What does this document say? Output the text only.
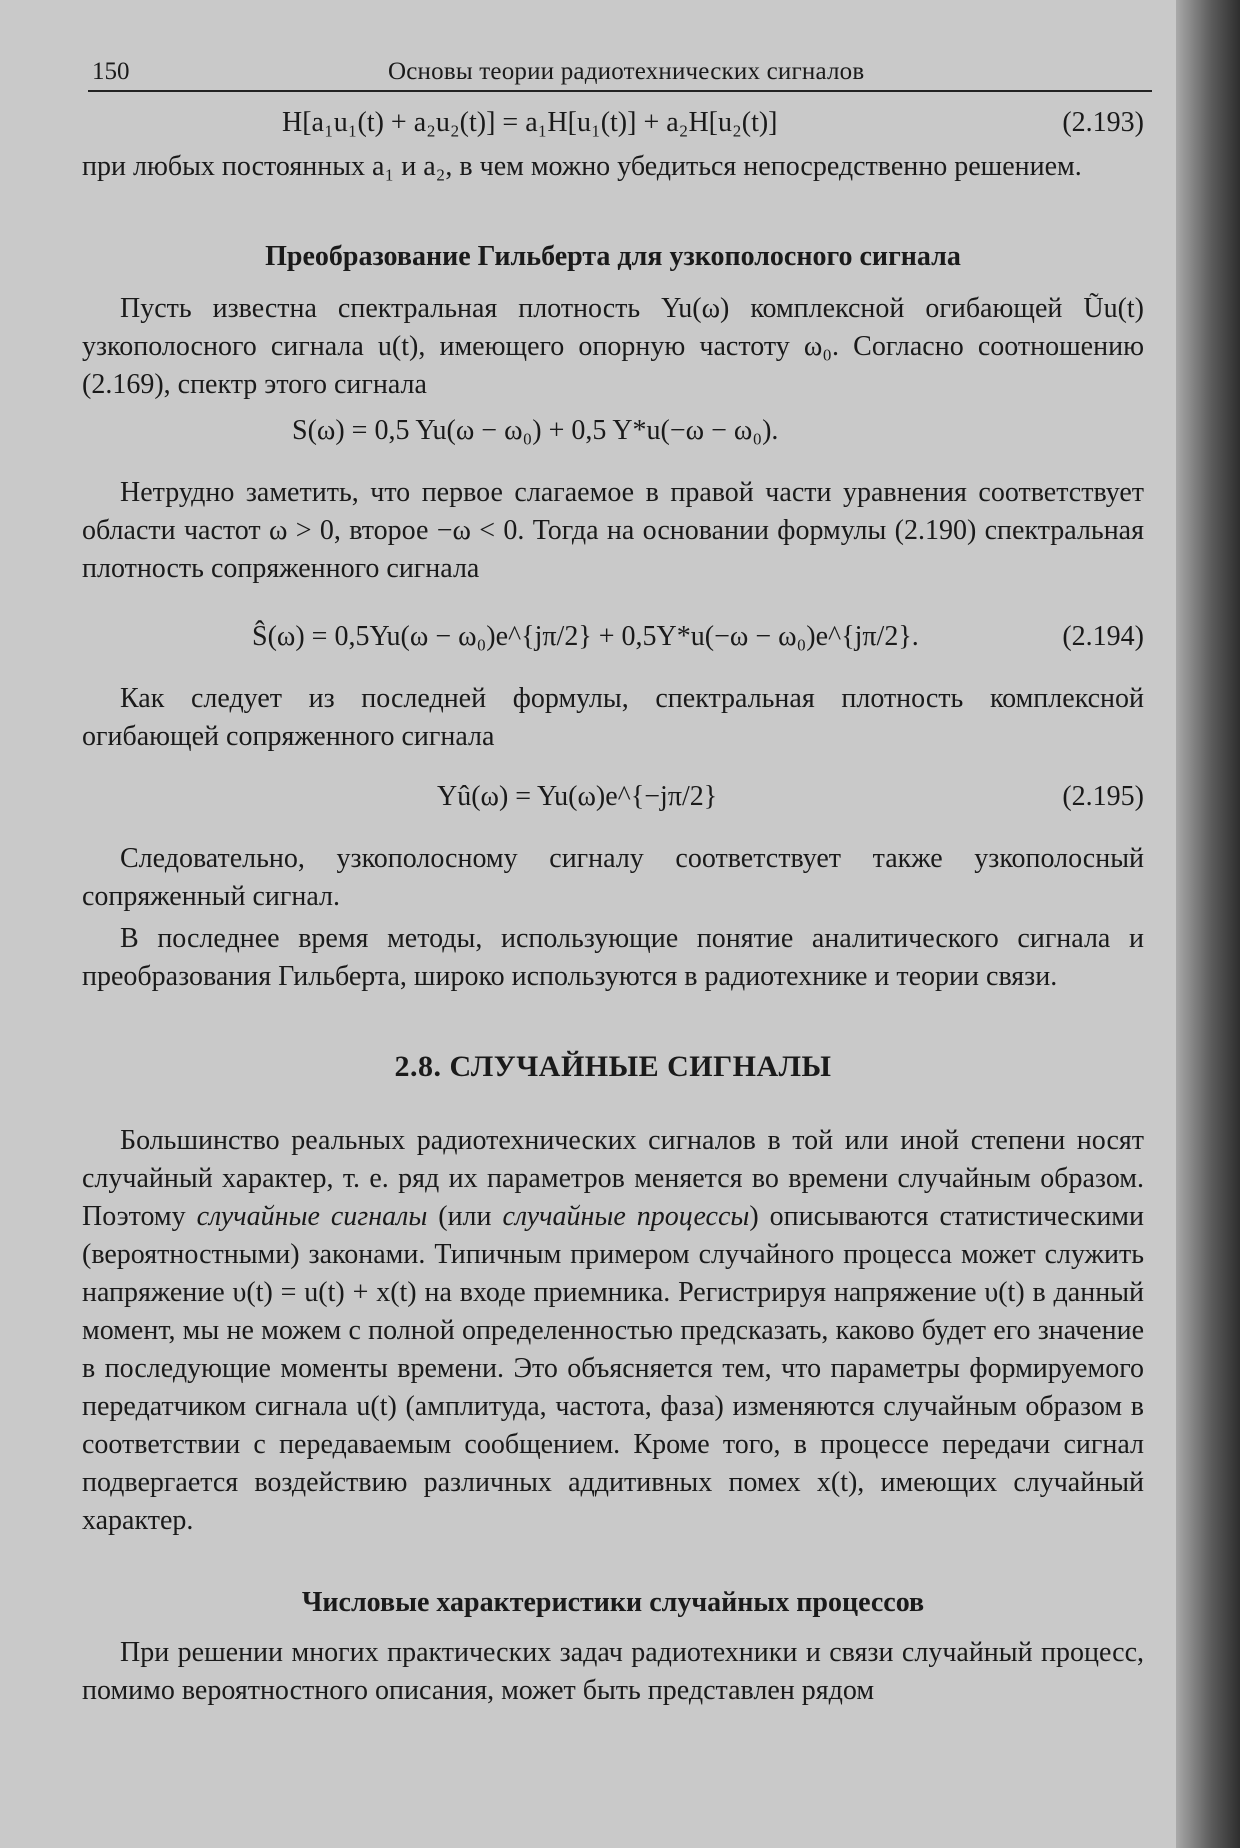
150	Основы теории радиотехнических сигналов
H[a₁u₁(t) + a₂u₂(t)] = a₁H[u₁(t)] + a₂H[u₂(t)]	(2.193)

при любых постоянных a₁ и a₂, в чем можно убедиться непосредственно решением.

Преобразование Гильберта для узкополосного сигнала

Пусть известна спектральная плотность Yu(ω) комплексной огибающей Ũu(t) узкополосного сигнала u(t), имеющего опорную частоту ω₀. Согласно соотношению (2.169), спектр этого сигнала

S(ω) = 0,5 Yu(ω − ω₀) + 0,5 Y*u(−ω − ω₀).

Нетрудно заметить, что первое слагаемое в правой части уравнения соответствует области частот ω > 0, второе −ω < 0. Тогда на основании формулы (2.190) спектральная плотность сопряженного сигнала

Ŝ(ω) = 0,5Yu(ω − ω₀)e^{jπ/2} + 0,5Y*u(−ω − ω₀)e^{jπ/2}.	(2.194)

Как следует из последней формулы, спектральная плотность комплексной огибающей сопряженного сигнала

Yû(ω) = Yu(ω)e^{−jπ/2}	(2.195)

Следовательно, узкополосному сигналу соответствует также узкополосный сопряженный сигнал.

В последнее время методы, использующие понятие аналитического сигнала и преобразования Гильберта, широко используются в радиотехнике и теории связи.

2.8. СЛУЧАЙНЫЕ СИГНАЛЫ

Большинство реальных радиотехнических сигналов в той или иной степени носят случайный характер, т. е. ряд их параметров меняется во времени случайным образом. Поэтому случайные сигналы (или случайные процессы) описываются статистическими (вероятностными) законами. Типичным примером случайного процесса может служить напряжение υ(t) = u(t) + x(t) на входе приемника. Регистрируя напряжение υ(t) в данный момент, мы не можем с полной определенностью предсказать, каково будет его значение в последующие моменты времени. Это объясняется тем, что параметры формируемого передатчиком сигнала u(t) (амплитуда, частота, фаза) изменяются случайным образом в соответствии с передаваемым сообщением. Кроме того, в процессе передачи сигнал подвергается воздействию различных аддитивных помех x(t), имеющих случайный характер.

Числовые характеристики случайных процессов

При решении многих практических задач радиотехники и связи случайный процесс, помимо вероятностного описания, может быть представлен рядом
